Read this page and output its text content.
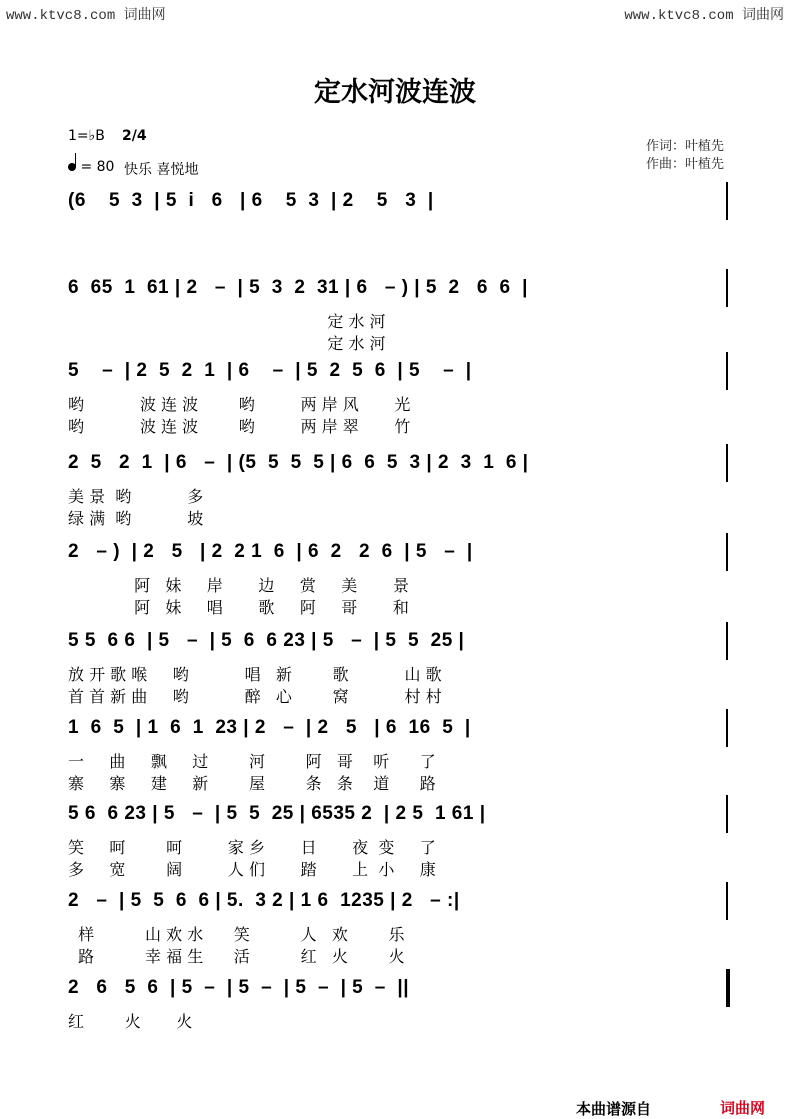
www.ktvc8.com 词曲网	www.ktvc8.com 词曲网
定水河波连波
1=♭B 2/4
= 80 快乐 喜悦地
作词：叶植先
作曲：叶植先
(6    5  3  | 5  i   6   | 6    5  3  | 2    5   3  |
6  65  1  61 | 2   –  | 5  3  2  31 | 6   – ) | 5  2   6  6  |
定 水 河
定 水 河
5    –  | 2  5  2  1  | 6    –  | 5  2  5  6  | 5    –  |
哟           波 连 波        哟         两 岸 风       光
哟           波 连 波        哟         两 岸 翠       竹
2  5   2  1  | 6   –  | (5  5  5  5 | 6  6  5  3 | 2  3  1  6 |
美 景  哟           多
绿 满  哟           坡
2   – )  | 2   5   | 2  2 1  6  | 6  2   2  6  | 5   –  |
阿   妹     岸       边     赏     美       景
阿   妹     唱       歌     阿     哥       和
5 5  6 6  | 5   –  | 5  6  6 23 | 5   –  | 5  5  25 |
放 开 歌 喉     哟           唱   新        歌           山 歌
首 首 新 曲     哟           醉   心        窝           村 村
1  6  5  | 1  6  1  23 | 2   –  | 2   5   | 6  16  5  |
一     曲     飘     过        河        阿   哥    听      了
寨     寨     建     新        屋        条   条    道      路
5 6  6 23 | 5   –  | 5  5  25 | 6535 2  | 2 5  1 61 |
笑     呵        呵         家 乡       日       夜  变     了
多     宽        阔         人 们       踏       上  小     康
2   –  | 5  5  6  6 | 5.  3 2 | 1 6  1235 | 2   – :|
样          山 欢 水      笑          人   欢        乐
路          幸 福 生      活          红   火        火
2   6   5  6  | 5  –  | 5  –  | 5  –  | 5  –  ||
红        火       火
本曲谱源自	词曲网
